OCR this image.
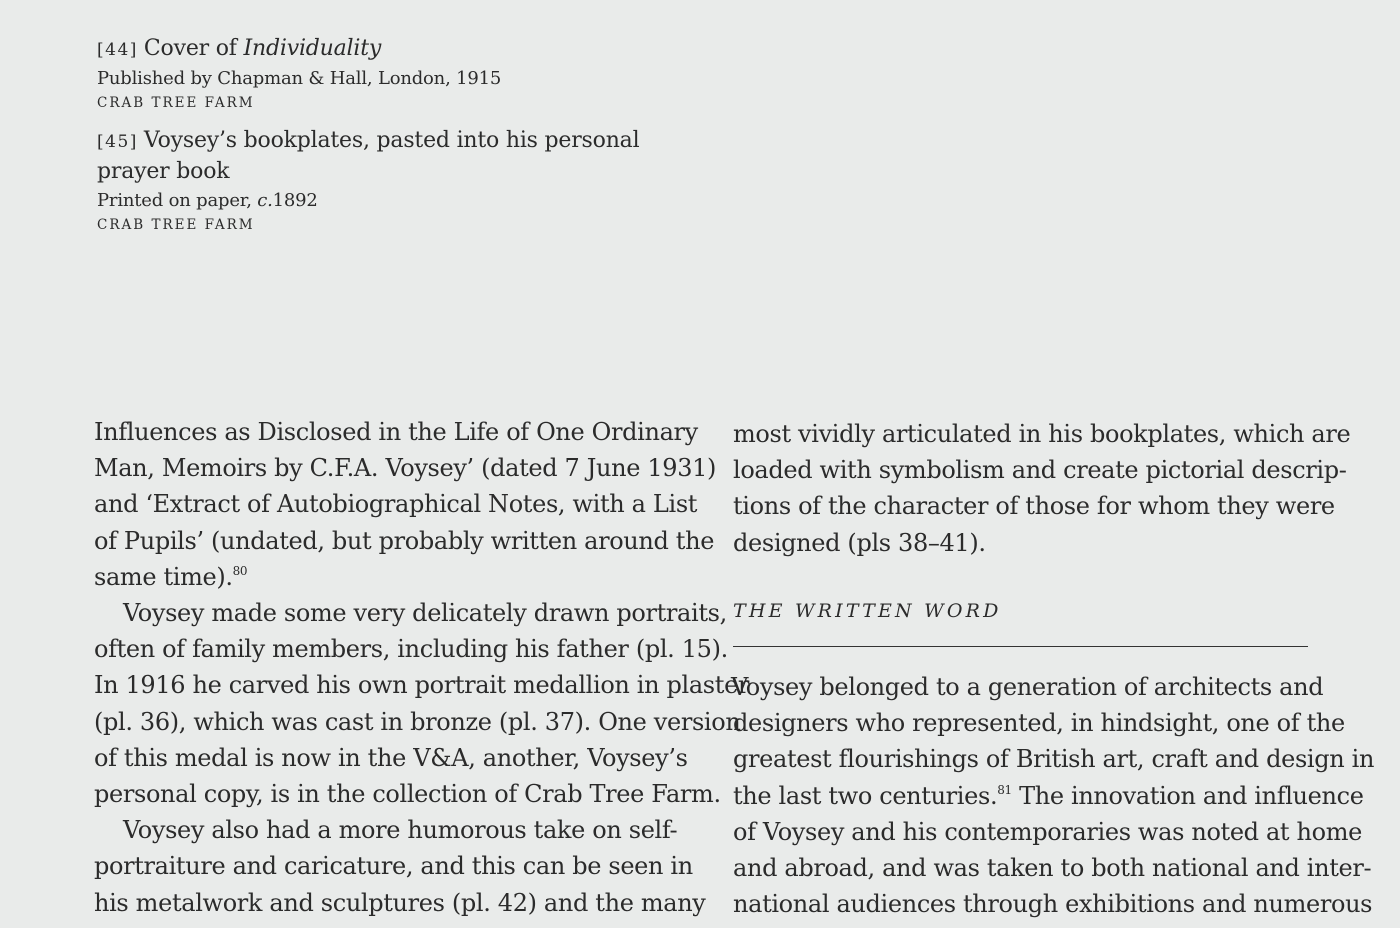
[44] Cover of Individuality
Published by Chapman & Hall, London, 1915
CRAB TREE FARM
[45] Voysey’s bookplates, pasted into his personal
prayer book
Printed on paper, c.1892
CRAB TREE FARM
Influences as Disclosed in the Life of One Ordinary
Man, Memoirs by C.F.A. Voysey’ (dated 7 June 1931)
and ‘Extract of Autobiographical Notes, with a List
of Pupils’ (undated, but probably written around the
same time).$^{80}$
Voysey made some very delicately drawn portraits,
often of family members, including his father (pl. 15).
In 1916 he carved his own portrait medallion in plaster
(pl. 36), which was cast in bronze (pl. 37). One version
of this medal is now in the V&A, another, Voysey’s
personal copy, is in the collection of Crab Tree Farm.
Voysey also had a more humorous take on self-
portraiture and caricature, and this can be seen in
his metalwork and sculptures (pl. 42) and the many
most vividly articulated in his bookplates, which are
loaded with symbolism and create pictorial descrip-
tions of the character of those for whom they were
designed (pls 38–41).
THE WRITTEN WORD
Voysey belonged to a generation of architects and
designers who represented, in hindsight, one of the
greatest flourishings of British art, craft and design in
the last two centuries.$^{81}$ The innovation and influence
of Voysey and his contemporaries was noted at home
and abroad, and was taken to both national and inter-
national audiences through exhibitions and numerous
